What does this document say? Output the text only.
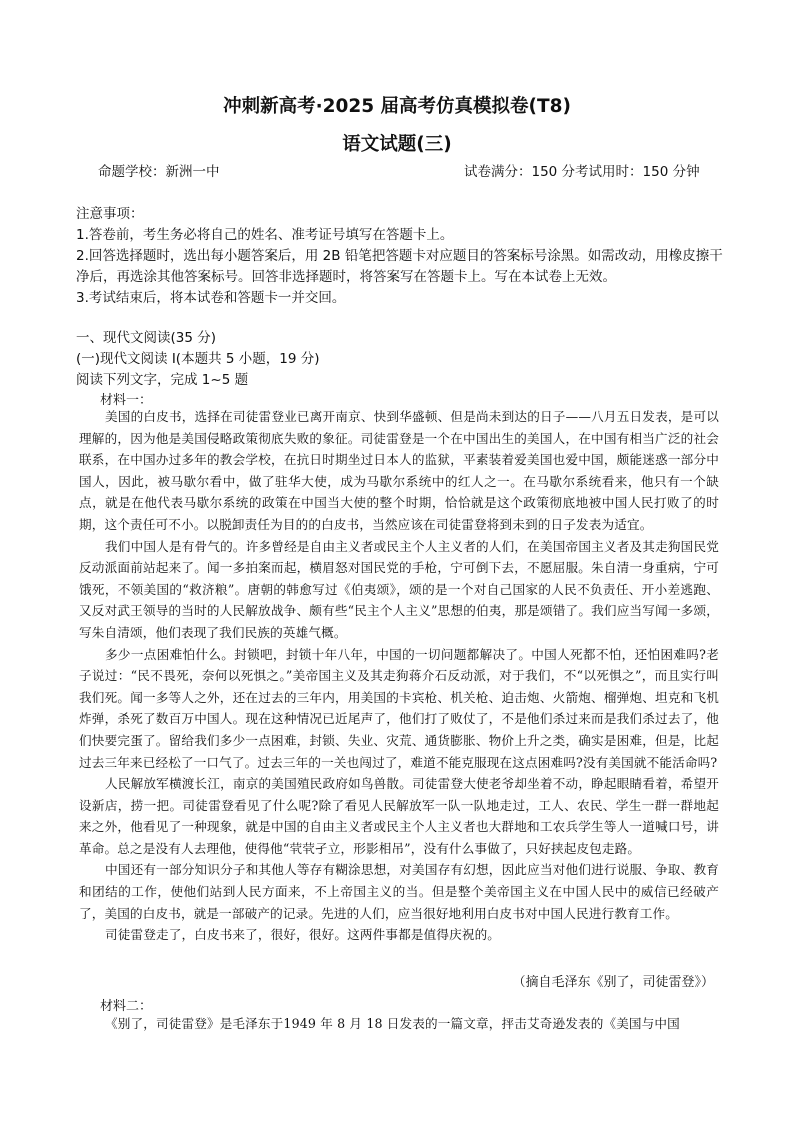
冲刺新高考·2025 届高考仿真模拟卷(T8)
语文试题(三)
命题学校：新洲一中	试卷满分：150 分考试用时：150 分钟
注意事项：
1.答卷前，考生务必将自己的姓名、准考证号填写在答题卡上。
2.回答选择题时，选出每小题答案后，用 2B 铅笔把答题卡对应题目的答案标号涂黑。如需改动，用橡皮擦干净后，再选涂其他答案标号。回答非选择题时，将答案写在答题卡上。写在本试卷上无效。
3.考试结束后，将本试卷和答题卡一并交回。
一、现代文阅读(35 分)
(一)现代文阅读 I(本题共 5 小题，19 分)
阅读下列文字，完成 1~5 题
材料一：

美国的白皮书，选择在司徒雷登业已离开南京、快到华盛顿、但是尚未到达的日子——八月五日发表，是可以理解的，因为他是美国侵略政策彻底失败的象征。司徒雷登是一个在中国出生的美国人，在中国有相当广泛的社会联系，在中国办过多年的教会学校，在抗日时期坐过日本人的监狱，平素装着爱美国也爱中国，颇能迷惑一部分中国人，因此，被马歇尔看中，做了驻华大使，成为马歇尔系统中的红人之一。在马歇尔系统看来，他只有一个缺点，就是在他代表马歇尔系统的政策在中国当大使的整个时期，恰恰就是这个政策彻底地被中国人民打败了的时期，这个责任可不小。以脱卸责任为目的的白皮书，当然应该在司徒雷登将到未到的日子发表为适宜。

我们中国人是有骨气的。许多曾经是自由主义者或民主个人主义者的人们，在美国帝国主义者及其走狗国民党反动派面前站起来了。闻一多拍案而起，横眉怒对国民党的手枪，宁可倒下去，不愿屈服。朱自清一身重病，宁可饿死，不领美国的“救济粮”。唐朝的韩愈写过《伯夷颂》，颂的是一个对自己国家的人民不负责任、开小差逃跑、又反对武王领导的当时的人民解放战争、颇有些“民主个人主义”思想的伯夷，那是颂错了。我们应当写闻一多颂，写朱自清颂，他们表现了我们民族的英雄气概。

多少一点困难怕什么。封锁吧，封锁十年八年，中国的一切问题都解决了。中国人死都不怕，还怕困难吗?老子说过：“民不畏死，奈何以死惧之。”美帝国主义及其走狗蒋介石反动派，对于我们，不“以死惧之”，而且实行叫我们死。闻一多等人之外，还在过去的三年内，用美国的卡宾枪、机关枪、迫击炮、火箭炮、榴弹炮、坦克和飞机炸弹，杀死了数百万中国人。现在这种情况已近尾声了，他们打了败仗了，不是他们杀过来而是我们杀过去了，他们快要完蛋了。留给我们多少一点困难，封锁、失业、灾荒、通货膨胀、物价上升之类，确实是困难，但是，比起过去三年来已经松了一口气了。过去三年的一关也闯过了，难道不能克服现在这点困难吗?没有美国就不能活命吗?

人民解放军横渡长江，南京的美国殖民政府如鸟兽散。司徒雷登大使老爷却坐着不动，睁起眼睛看着，希望开设新店，捞一把。司徒雷登看见了什么呢?除了看见人民解放军一队一队地走过，工人、农民、学生一群一群地起来之外，他看见了一种现象，就是中国的自由主义者或民主个人主义者也大群地和工农兵学生等人一道喊口号，讲革命。总之是没有人去理他，使得他“茕茕孑立，形影相吊”，没有什么事做了，只好挟起皮包走路。

中国还有一部分知识分子和其他人等存有糊涂思想，对美国存有幻想，因此应当对他们进行说服、争取、教育和团结的工作，使他们站到人民方面来，不上帝国主义的当。但是整个美帝国主义在中国人民中的威信已经破产了，美国的白皮书，就是一部破产的记录。先进的人们，应当很好地利用白皮书对中国人民进行教育工作。

司徒雷登走了，白皮书来了，很好，很好。这两件事都是值得庆祝的。

（摘自毛泽东《别了，司徒雷登》）
材料二：

《别了，司徒雷登》是毛泽东于1949 年 8 月 18 日发表的一篇文章，抨击艾奇逊发表的《美国与中国
